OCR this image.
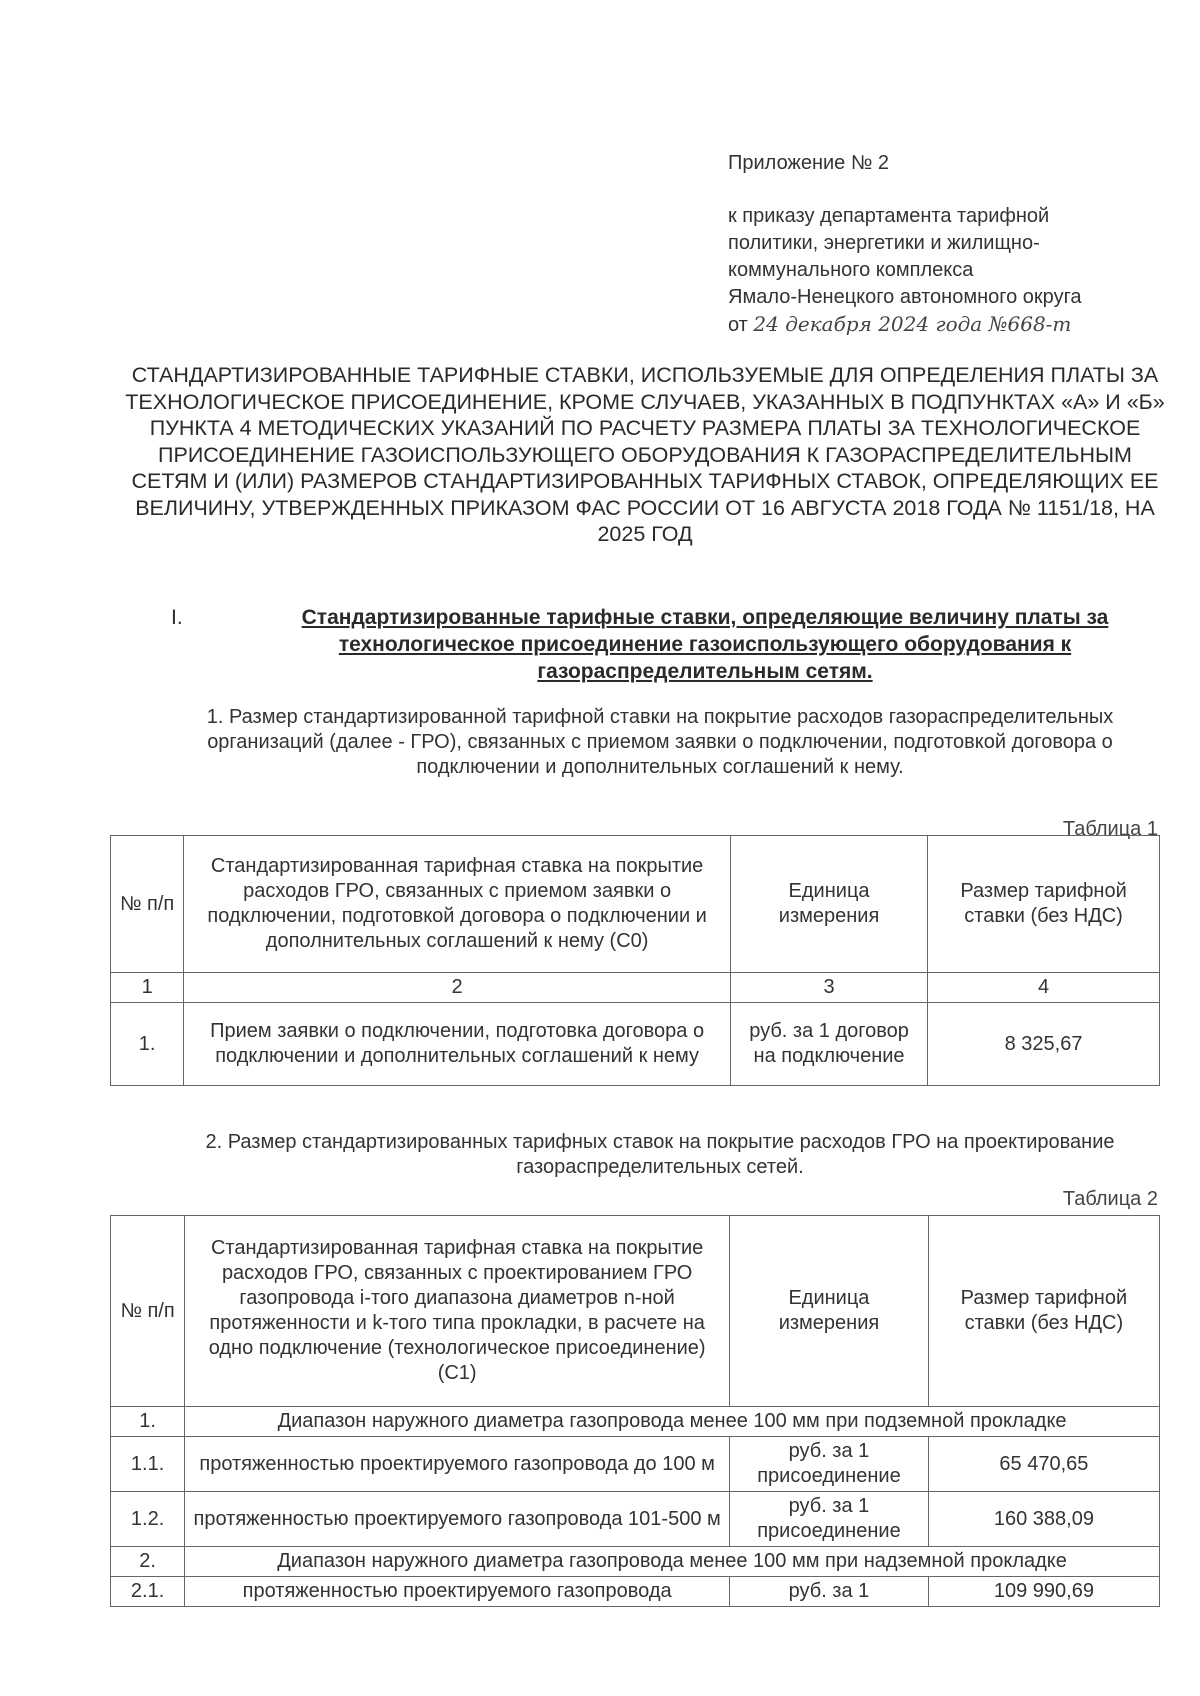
Приложение № 2
к приказу департамента тарифной
политики, энергетики и жилищно-
коммунального комплекса
Ямало-Ненецкого автономного округа
от 24 декабря 2024 года №668-т
СТАНДАРТИЗИРОВАННЫЕ ТАРИФНЫЕ СТАВКИ, ИСПОЛЬЗУЕМЫЕ ДЛЯ ОПРЕДЕЛЕНИЯ ПЛАТЫ ЗА ТЕХНОЛОГИЧЕСКОЕ ПРИСОЕДИНЕНИЕ, КРОМЕ СЛУЧАЕВ, УКАЗАННЫХ В ПОДПУНКТАХ «А» И «Б» ПУНКТА 4 МЕТОДИЧЕСКИХ УКАЗАНИЙ ПО РАСЧЕТУ РАЗМЕРА ПЛАТЫ ЗА ТЕХНОЛОГИЧЕСКОЕ ПРИСОЕДИНЕНИЕ ГАЗОИСПОЛЬЗУЮЩЕГО ОБОРУДОВАНИЯ К ГАЗОРАСПРЕДЕЛИТЕЛЬНЫМ СЕТЯМ И (ИЛИ) РАЗМЕРОВ СТАНДАРТИЗИРОВАННЫХ ТАРИФНЫХ СТАВОК, ОПРЕДЕЛЯЮЩИХ ЕЕ ВЕЛИЧИНУ, УТВЕРЖДЕННЫХ ПРИКАЗОМ ФАС РОССИИ ОТ 16 АВГУСТА 2018 ГОДА № 1151/18, НА 2025 ГОД
I.	Стандартизированные тарифные ставки, определяющие величину платы за технологическое присоединение газоиспользующего оборудования к газораспределительным сетям.
1. Размер стандартизированной тарифной ставки на покрытие расходов газораспределительных организаций (далее - ГРО), связанных с приемом заявки о подключении, подготовкой договора о подключении и дополнительных соглашений к нему.
Таблица 1
№ п/п	Стандартизированная тарифная ставка на покрытие расходов ГРО, связанных с приемом заявки о подключении, подготовкой договора о подключении и дополнительных соглашений к нему (С0)	Единица измерения	Размер тарифной ставки (без НДС)
1	2	3	4
1.	Прием заявки о подключении, подготовка договора о подключении и дополнительных соглашений к нему	руб. за 1 договор на подключение	8 325,67
2. Размер стандартизированных тарифных ставок на покрытие расходов ГРО на проектирование газораспределительных сетей.
Таблица 2
№ п/п	Стандартизированная тарифная ставка на покрытие расходов ГРО, связанных с проектированием ГРО газопровода i-того диапазона диаметров n-ной протяженности и k-того типа прокладки, в расчете на одно подключение (технологическое присоединение) (С1)	Единица измерения	Размер тарифной ставки (без НДС)
1.	Диапазон наружного диаметра газопровода менее 100 мм при подземной прокладке		
1.1.	протяженностью проектируемого газопровода до 100 м	руб. за 1 присоединение	65 470,65
1.2.	протяженностью проектируемого газопровода 101-500 м	руб. за 1 присоединение	160 388,09
2.	Диапазон наружного диаметра газопровода менее 100 мм при надземной прокладке		
2.1.	протяженностью проектируемого газопровода	руб. за 1	109 990,69
